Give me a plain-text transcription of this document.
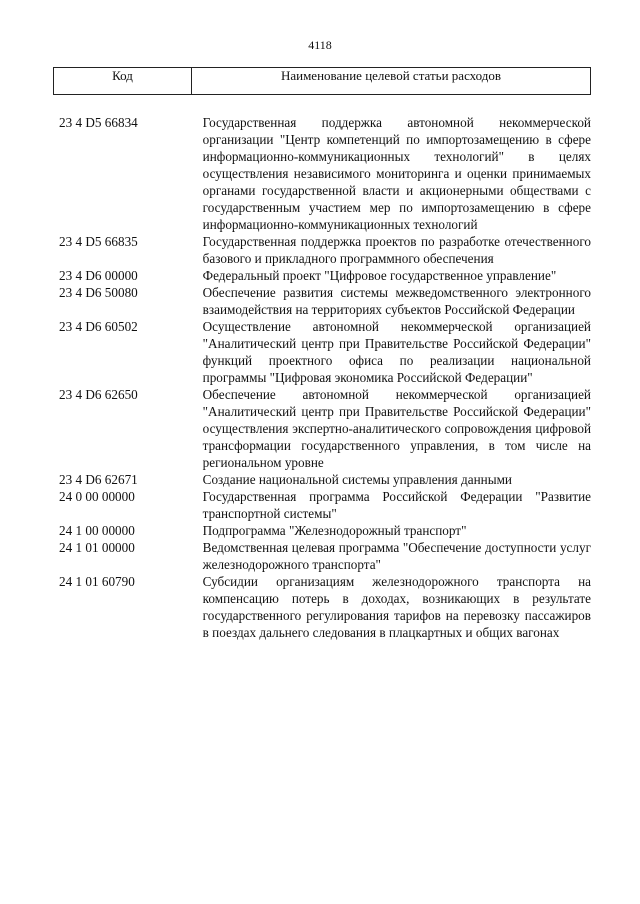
4118
Код	Наименование целевой статьи расходов
23 4 D5 66834	Государственная поддержка автономной некоммерческой организации "Центр компетенций по импортозамещению в сфере информационно-коммуникационных технологий" в целях осуществления независимого мониторинга и оценки принимаемых органами государственной власти и акционерными обществами с государственным участием мер по импортозамещению в сфере информационно-коммуникационных технологий
23 4 D5 66835	Государственная поддержка проектов по разработке отечественного базового и прикладного программного обеспечения
23 4 D6 00000	Федеральный проект "Цифровое государственное управление"
23 4 D6 50080	Обеспечение развития системы межведомственного электронного взаимодействия на территориях субъектов Российской Федерации
23 4 D6 60502	Осуществление автономной некоммерческой организацией "Аналитический центр при Правительстве Российской Федерации" функций проектного офиса по реализации национальной программы "Цифровая экономика Российской Федерации"
23 4 D6 62650	Обеспечение автономной некоммерческой организацией "Аналитический центр при Правительстве Российской Федерации" осуществления экспертно-аналитического сопровождения цифровой трансформации государственного управления, в том числе на региональном уровне
23 4 D6 62671	Создание национальной системы управления данными
24 0 00 00000	Государственная программа Российской Федерации "Развитие транспортной системы"
24 1 00 00000	Подпрограмма "Железнодорожный транспорт"
24 1 01 00000	Ведомственная целевая программа "Обеспечение доступности услуг железнодорожного транспорта"
24 1 01 60790	Субсидии организациям железнодорожного транспорта на компенсацию потерь в доходах, возникающих в результате государственного регулирования тарифов на перевозку пассажиров в поездах дальнего следования в плацкартных и общих вагонах
